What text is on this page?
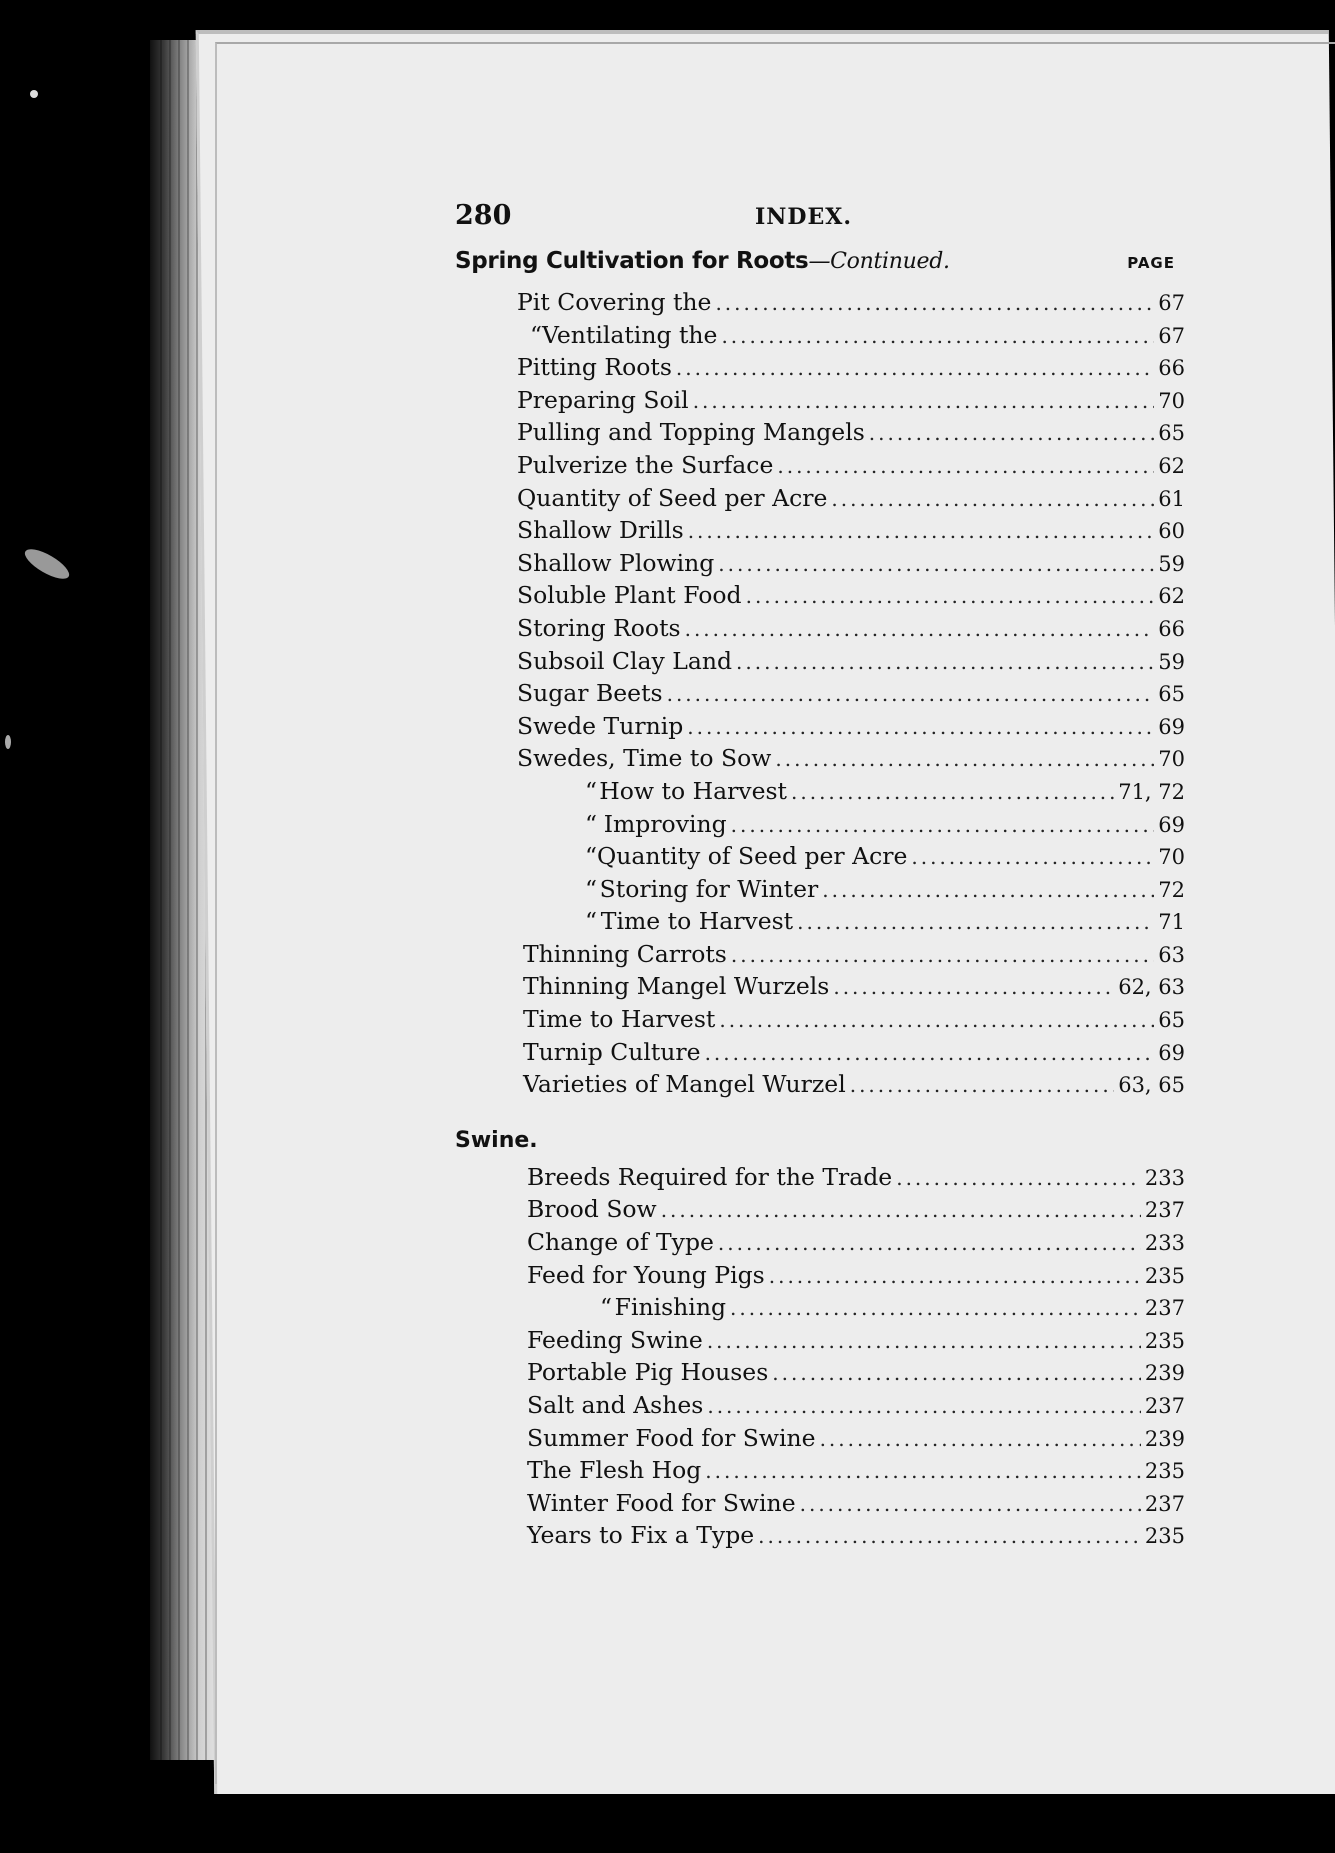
280	INDEX.
Spring Cultivation for Roots—Continued.	PAGE
Pit Covering the .....	67
“ Ventilating the .....	67
Pitting Roots .....	66
Preparing Soil .....	70
Pulling and Topping Mangels .....	65
Pulverize the Surface .....	62
Quantity of Seed per Acre .....	61
Shallow Drills .....	60
Shallow Plowing .....	59
Soluble Plant Food .....	62
Storing Roots .....	66
Subsoil Clay Land .....	59
Sugar Beets .....	65
Swede Turnip .....	69
Swedes, Time to Sow .....	70
“ How to Harvest .....	71, 72
“ Improving .....	69
“ Quantity of Seed per Acre .....	70
“ Storing for Winter .....	72
“ Time to Harvest .....	71
Thinning Carrots .....	63
Thinning Mangel Wurzels .....	62, 63
Time to Harvest .....	65
Turnip Culture .....	69
Varieties of Mangel Wurzel .....	63, 65
Swine.
Breeds Required for the Trade .....	233
Brood Sow .....	237
Change of Type .....	233
Feed for Young Pigs .....	235
“ Finishing .....	237
Feeding Swine .....	235
Portable Pig Houses .....	239
Salt and Ashes .....	237
Summer Food for Swine .....	239
The Flesh Hog .....	235
Winter Food for Swine .....	237
Years to Fix a Type .....	235
